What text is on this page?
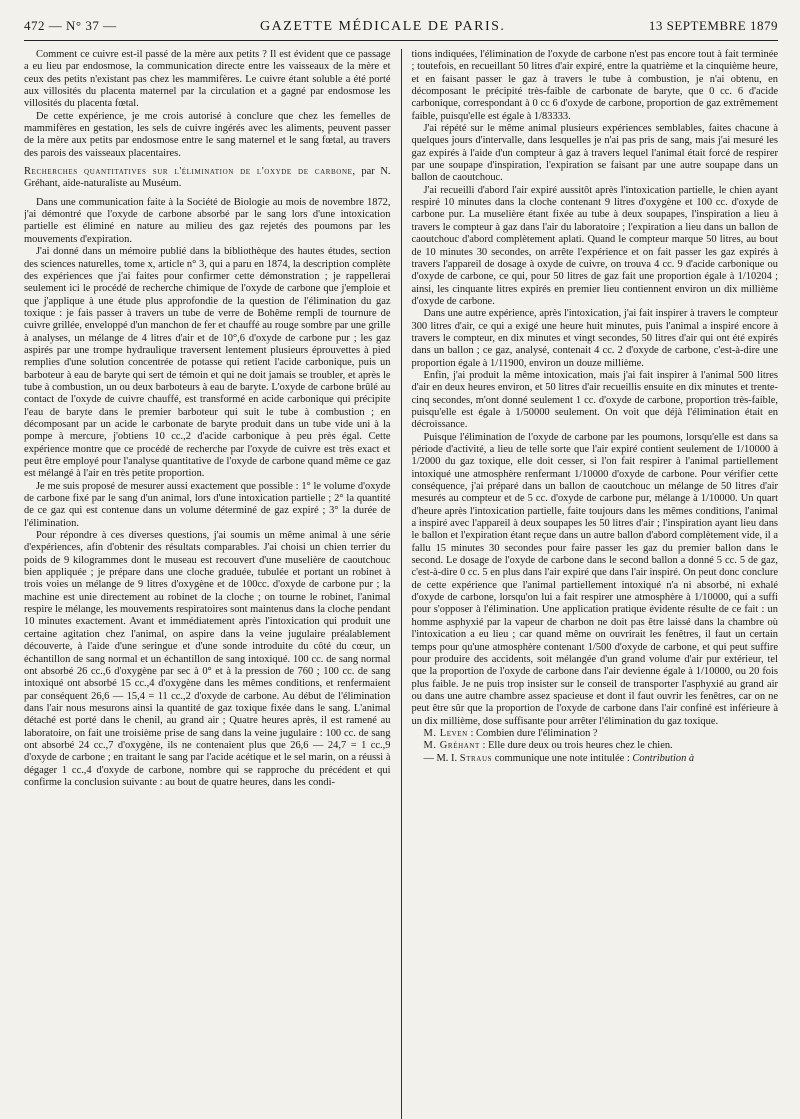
472 — N° 37 —	GAZETTE MÉDICALE DE PARIS.	13 SEPTEMBRE 1879

Comment ce cuivre est-il passé de la mère aux petits ? Il est évident que ce passage a eu lieu par endosmose, la communication directe entre les vaisseaux de la mère et ceux des petits n'existant pas chez les mammifères. Le cuivre étant soluble a été porté aux villosités du placenta maternel par la circulation et a gagné par endosmose les villosités du placenta fœtal.

De cette expérience, je me crois autorisé à conclure que chez les femelles de mammifères en gestation, les sels de cuivre ingérés avec les aliments, peuvent passer de la mère aux petits par endosmose entre le sang maternel et le sang fœtal, au travers des parois des vaisseaux placentaires.

Recherches quantitatives sur l'élimination de l'oxyde de carbone, par N. Gréhant, aide-naturaliste au Muséum.

Dans une communication faite à la Société de Biologie au mois de novembre 1872, j'ai démontré que l'oxyde de carbone absorbé par le sang lors d'une intoxication partielle est éliminé en nature au milieu des gaz rejetés des poumons par les mouvements d'expiration.

J'ai donné dans un mémoire publié dans la bibliothèque des hautes études, section des sciences naturelles, tome x, article n° 3, qui a paru en 1874, la description complète des expériences que j'ai faites pour confirmer cette démonstration ; je rappellerai seulement ici le procédé de recherche chimique de l'oxyde de carbone que j'emploie et que j'applique à une étude plus approfondie de la question de l'élimination du gaz toxique : je fais passer à travers un tube de verre de Bohême rempli de tournure de cuivre grillée, enveloppé d'un manchon de fer et chauffé au rouge sombre par une grille à analyses, un mélange de 4 litres d'air et de 10°,6 d'oxyde de carbone pur ; les gaz aspirés par une trompe hydraulique traversent lentement plusieurs éprouvettes à pied remplies d'une solution concentrée de potasse qui retient l'acide carbonique, puis un barboteur à eau de baryte qui sert de témoin et qui ne doit jamais se troubler, et après le tube à combustion, un ou deux barboteurs à eau de baryte. L'oxyde de carbone brûlé au contact de l'oxyde de cuivre chauffé, est transformé en acide carbonique qui précipite l'eau de baryte dans le premier barboteur qui suit le tube à combustion ; en décomposant par un acide le carbonate de baryte produit dans un tube vide uni à la pompe à mercure, j'obtiens 10 cc.,2 d'acide carbonique à peu près égal. Cette expérience montre que ce procédé de recherche par l'oxyde de cuivre est très exact et peut être employé pour l'analyse quantitative de l'oxyde de carbone quand même ce gaz est mélangé à l'air en très petite proportion.

Je me suis proposé de mesurer aussi exactement que possible : 1° le volume d'oxyde de carbone fixé par le sang d'un animal, lors d'une intoxication partielle ; 2° la quantité de ce gaz qui est contenue dans un volume déterminé de gaz expiré ; 3° la durée de l'élimination.

Pour répondre à ces diverses questions, j'ai soumis un même animal à une série d'expériences, afin d'obtenir des résultats comparables. J'ai choisi un chien terrier du poids de 9 kilogrammes dont le museau est recouvert d'une muselière de caoutchouc bien appliquée ; je prépare dans une cloche graduée, tubulée et portant un robinet à trois voies un mélange de 9 litres d'oxygène et de 100cc. d'oxyde de carbone pur ; la machine est unie directement au robinet de la cloche ; on tourne le robinet, l'animal respire le mélange, les mouvements respiratoires sont maintenus dans la cloche pendant 10 minutes exactement. Avant et immédiatement après l'intoxication qui produit une certaine agitation chez l'animal, on aspire dans la veine jugulaire préalablement découverte, à l'aide d'une seringue et d'une sonde introduite du côté du cœur, un échantillon de sang normal et un échantillon de sang intoxiqué. 100 cc. de sang normal ont absorbé 26 cc.,6 d'oxygène par sec à 0° et à la pression de 760 ; 100 cc. de sang intoxiqué ont absorbé 15 cc.,4 d'oxygène dans les mêmes conditions, et renfermaient par conséquent 26,6 — 15,4 = 11 cc.,2 d'oxyde de carbone. Au début de l'élimination dans l'air nous mesurons ainsi la quantité de gaz toxique fixée dans le sang. L'animal détaché est porté dans le chenil, au grand air ; Quatre heures après, il est ramené au laboratoire, on fait une troisième prise de sang dans la veine jugulaire : 100 cc. de sang ont absorbé 24 cc.,7 d'oxygène, ils ne contenaient plus que 26,6 — 24,7 = 1 cc.,9 d'oxyde de carbone ; en traitant le sang par l'acide acétique et le sel marin, on a réussi à dégager 1 cc.,4 d'oxyde de carbone, nombre qui se rapproche du précédent et qui confirme la conclusion suivante : au bout de quatre heures, dans les condi-

tions indiquées, l'élimination de l'oxyde de carbone n'est pas encore tout à fait terminée ; toutefois, en recueillant 50 litres d'air expiré, entre la quatrième et la cinquième heure, et en faisant passer le gaz à travers le tube à combustion, je n'ai obtenu, en décomposant le précipité très-faible de carbonate de baryte, que 0 cc. 6 d'acide carbonique, correspondant à 0 cc 6 d'oxyde de carbone, proportion de gaz extrêmement faible, puisqu'elle est égale à 1/83333.

J'ai répété sur le même animal plusieurs expériences semblables, faites chacune à quelques jours d'intervalle, dans lesquelles je n'ai pas pris de sang, mais j'ai mesuré les gaz expirés à l'aide d'un compteur à gaz à travers lequel l'animal était forcé de respirer par une soupape d'inspiration, l'expiration se faisant par une autre soupape dans un ballon de caoutchouc.

J'ai recueilli d'abord l'air expiré aussitôt après l'intoxication partielle, le chien ayant respiré 10 minutes dans la cloche contenant 9 litres d'oxygène et 100 cc. d'oxyde de carbone pur. La muselière étant fixée au tube à deux soupapes, l'inspiration a lieu à travers le compteur à gaz dans l'air du laboratoire ; l'expiration a lieu dans un ballon de caoutchouc d'abord complètement aplati. Quand le compteur marque 50 litres, au bout de 10 minutes 30 secondes, on arrête l'expérience et on fait passer les gaz expirés à travers l'appareil de dosage à oxyde de cuivre, on trouva 4 cc. 9 d'acide carbonique ou d'oxyde de carbone, ce qui, pour 50 litres de gaz fait une proportion égale à 1/10204 ; ainsi, les cinquante litres expirés en premier lieu contiennent environ un dix millième d'oxyde de carbone.

Dans une autre expérience, après l'intoxication, j'ai fait inspirer à travers le compteur 300 litres d'air, ce qui a exigé une heure huit minutes, puis l'animal a inspiré encore à travers le compteur, en dix minutes et vingt secondes, 50 litres d'air qui ont été expirés dans un ballon ; ce gaz, analysé, contenait 4 cc. 2 d'oxyde de carbone, c'est-à-dire une proportion égale à 1/11900, environ un douze millième.

Enfin, j'ai produit la même intoxication, mais j'ai fait inspirer à l'animal 500 litres d'air en deux heures environ, et 50 litres d'air recueillis ensuite en dix minutes et trente-cinq secondes, m'ont donné seulement 1 cc. d'oxyde de carbone, proportion très-faible, puisqu'elle est égale à 1/50000 seulement. On voit que déjà l'élimination était en décroissance.

Puisque l'élimination de l'oxyde de carbone par les poumons, lorsqu'elle est dans sa période d'activité, a lieu de telle sorte que l'air expiré contient seulement de 1/10000 à 1/2000 du gaz toxique, elle doit cesser, si l'on fait respirer à l'animal partiellement intoxiqué une atmosphère renfermant 1/10000 d'oxyde de carbone. Pour vérifier cette conséquence, j'ai préparé dans un ballon de caoutchouc un mélange de 50 litres d'air mesurés au compteur et de 5 cc. d'oxyde de carbone pur, mélange à 1/10000. Un quart d'heure après l'intoxication partielle, faite toujours dans les mêmes conditions, l'animal a inspiré avec l'appareil à deux soupapes les 50 litres d'air ; l'inspiration ayant lieu dans le ballon et l'expiration étant reçue dans un autre ballon d'abord complètement vide, il a fallu 15 minutes 30 secondes pour faire passer les gaz du premier ballon dans le second. Le dosage de l'oxyde de carbone dans le second ballon a donné 5 cc. 5 de gaz, c'est-à-dire 0 cc. 5 en plus dans l'air expiré que dans l'air inspiré. On peut donc conclure de cette expérience que l'animal partiellement intoxiqué n'a ni absorbé, ni exhalé d'oxyde de carbone, lorsqu'on lui a fait respirer une atmosphère à 1/10000, qui a suffi pour s'opposer à l'élimination. Une application pratique évidente résulte de ce fait : un homme asphyxié par la vapeur de charbon ne doit pas être laissé dans la chambre où l'intoxication a eu lieu ; car quand même on ouvrirait les fenêtres, il faut un certain temps pour qu'une atmosphère contenant 1/500 d'oxyde de carbone, et qui peut suffire pour produire des accidents, soit mélangée d'un grand volume d'air pur extérieur, tel que la proportion de l'oxyde de carbone dans l'air devienne égale à 1/10000, ou 20 fois plus faible. Je ne puis trop insister sur le conseil de transporter l'asphyxié au grand air ou dans une autre chambre assez spacieuse et dont il faut ouvrir les fenêtres, car on ne peut être sûr que la proportion de l'oxyde de carbone dans l'air confiné est inférieure à un dix millième, dose suffisante pour arrêter l'élimination du gaz toxique.

M. Leven : Combien dure l'élimination ?

M. Gréhant : Elle dure deux ou trois heures chez le chien.

— M. I. Straus communique une note intitulée : Contribution à
